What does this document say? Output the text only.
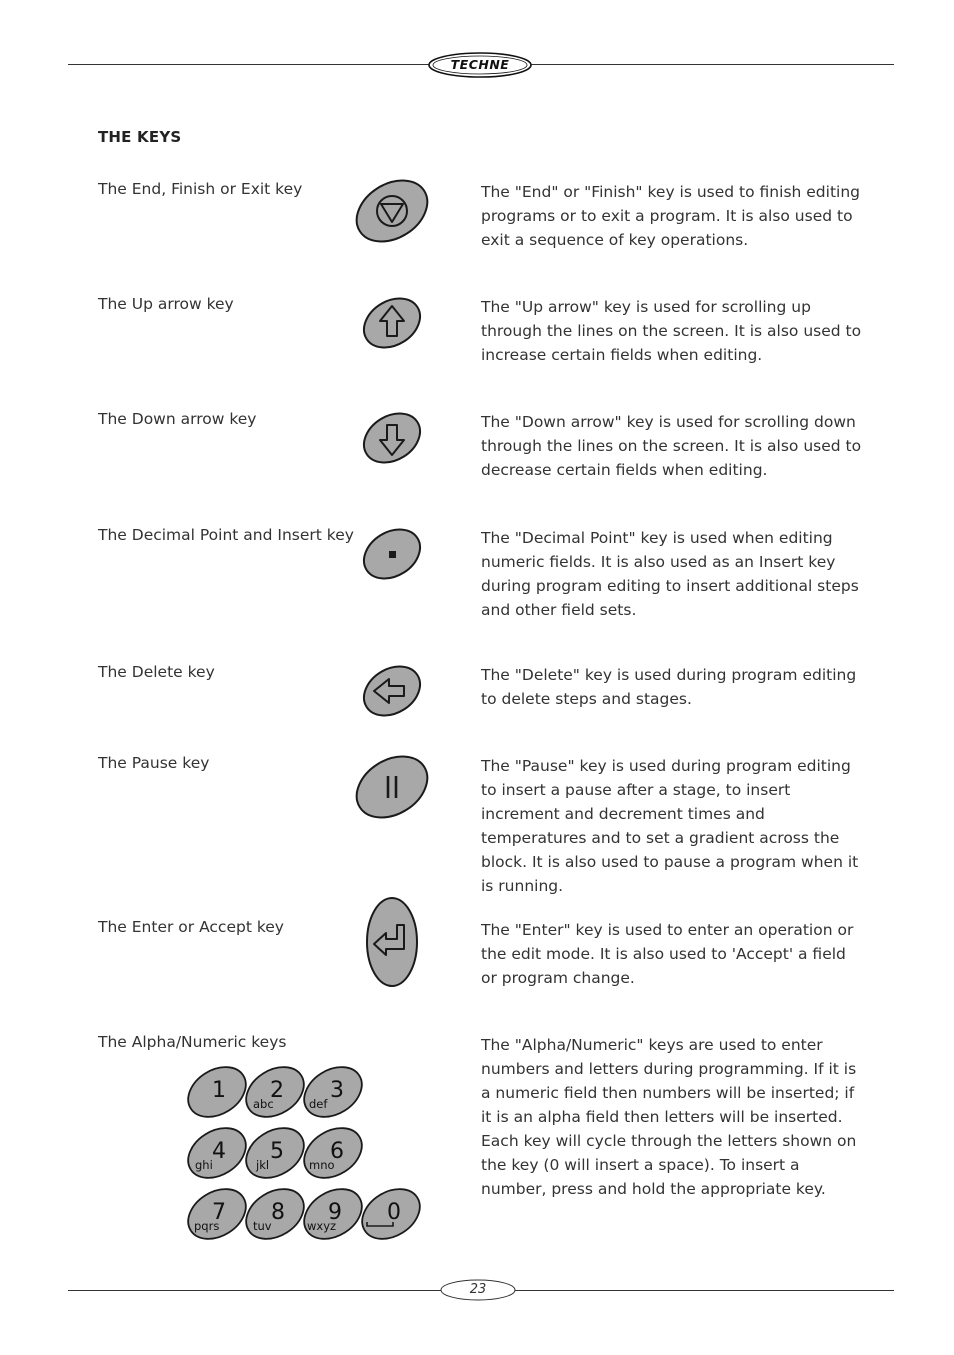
TECHNE
THE KEYS
The End, Finish or Exit key	The "End" or "Finish" key is used to finish editing programs or to exit a program. It is also used to exit a sequence of key operations.

The Up arrow key	The "Up arrow" key is used for scrolling up through the lines on the screen. It is also used to increase certain fields when editing.

The Down arrow key	The "Down arrow" key is used for scrolling down through the lines on the screen. It is also used to decrease certain fields when editing.

The Decimal Point and Insert key	The "Decimal Point" key is used when editing numeric fields. It is also used as an Insert key during program editing to insert additional steps and other field sets.

The Delete key	The "Delete" key is used during program editing to delete steps and stages.

The Pause key	The "Pause" key is used during program editing to insert a pause after a stage, to insert increment and decrement times and temperatures and to set a gradient across the block. It is also used to pause a program when it is running.

The Enter or Accept key	The "Enter" key is used to enter an operation or the edit mode. It is also used to 'Accept' a field or program change.

The Alpha/Numeric keys	The "Alpha/Numeric" keys are used to enter numbers and letters during programming. If it is a numeric field then numbers will be inserted; if it is an alpha field then letters will be inserted. Each key will cycle through the letters shown on the key (0 will insert a space). To insert a number, press and hold the appropriate key.

1 2
abc
3
def
4
ghi
5
jkl
6
mno
7
pqrs
8
tuv
9
wxyz
0
23
